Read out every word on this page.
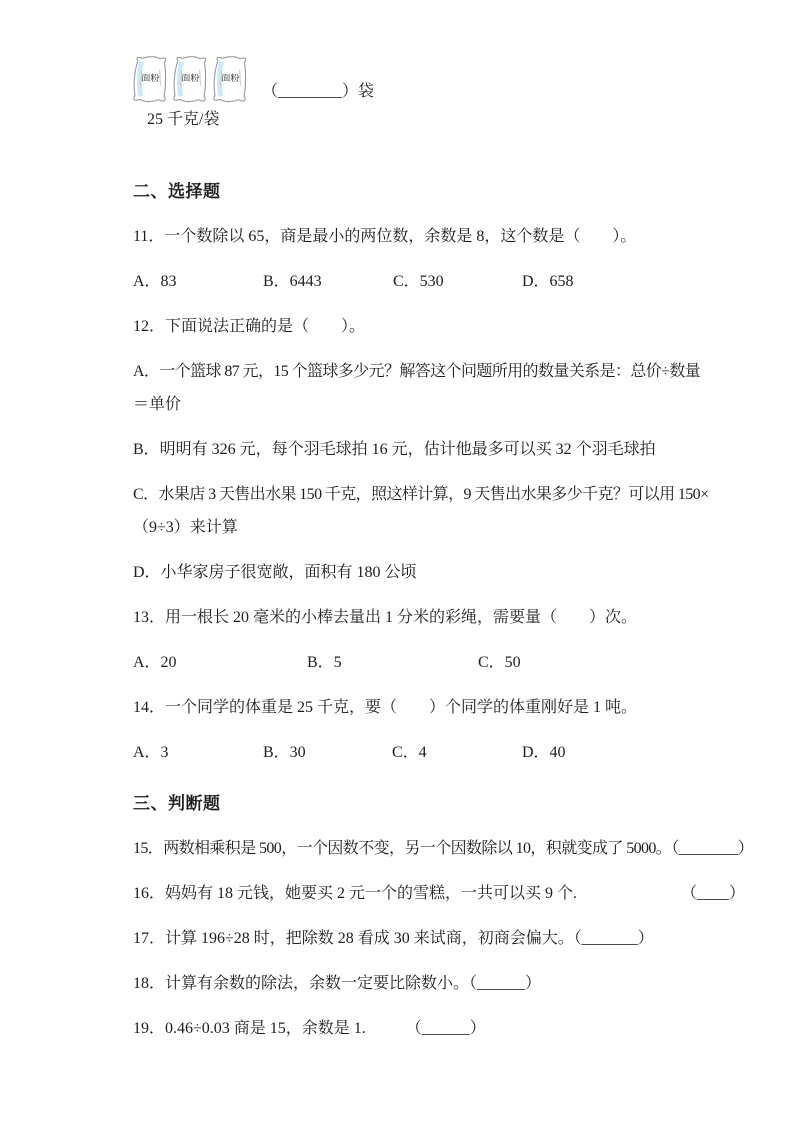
面粉 面粉 面粉
（________）袋
25 千克/袋
二、选择题

11．一个数除以 65，商是最小的两位数，余数是 8，这个数是（　　）。

A．83	B．6443	C．530	D．658

12．下面说法正确的是（　　）。

A．一个篮球 87 元，15 个篮球多少元？解答这个问题所用的数量关系是：总价÷数量
＝单价
B．明明有 326 元，每个羽毛球拍 16 元，估计他最多可以买 32 个羽毛球拍
C．水果店 3 天售出水果 150 千克，照这样计算，9 天售出水果多少千克？可以用 150×
（9÷3）来计算
D．小华家房子很宽敞，面积有 180 公顷

13．用一根长 20 毫米的小棒去量出 1 分米的彩绳，需要量（　　）次。

A．20	B．5	C．50

14．一个同学的体重是 25 千克，要（　　）个同学的体重刚好是 1 吨。

A．3	B．30	C．4	D．40
三、判断题

15．两数相乘积是 500，一个因数不变，另一个因数除以 10，积就变成了 5000。（________）

16．妈妈有 18 元钱，她要买 2 元一个的雪糕，一共可以买 9 个.　　　　　　　（____）

17．计算 196÷28 时，把除数 28 看成 30 来试商，初商会偏大。（_______）

18．计算有余数的除法，余数一定要比除数小。（______）

19．0.46÷0.03 商是 15，余数是 1.　　　（______）
